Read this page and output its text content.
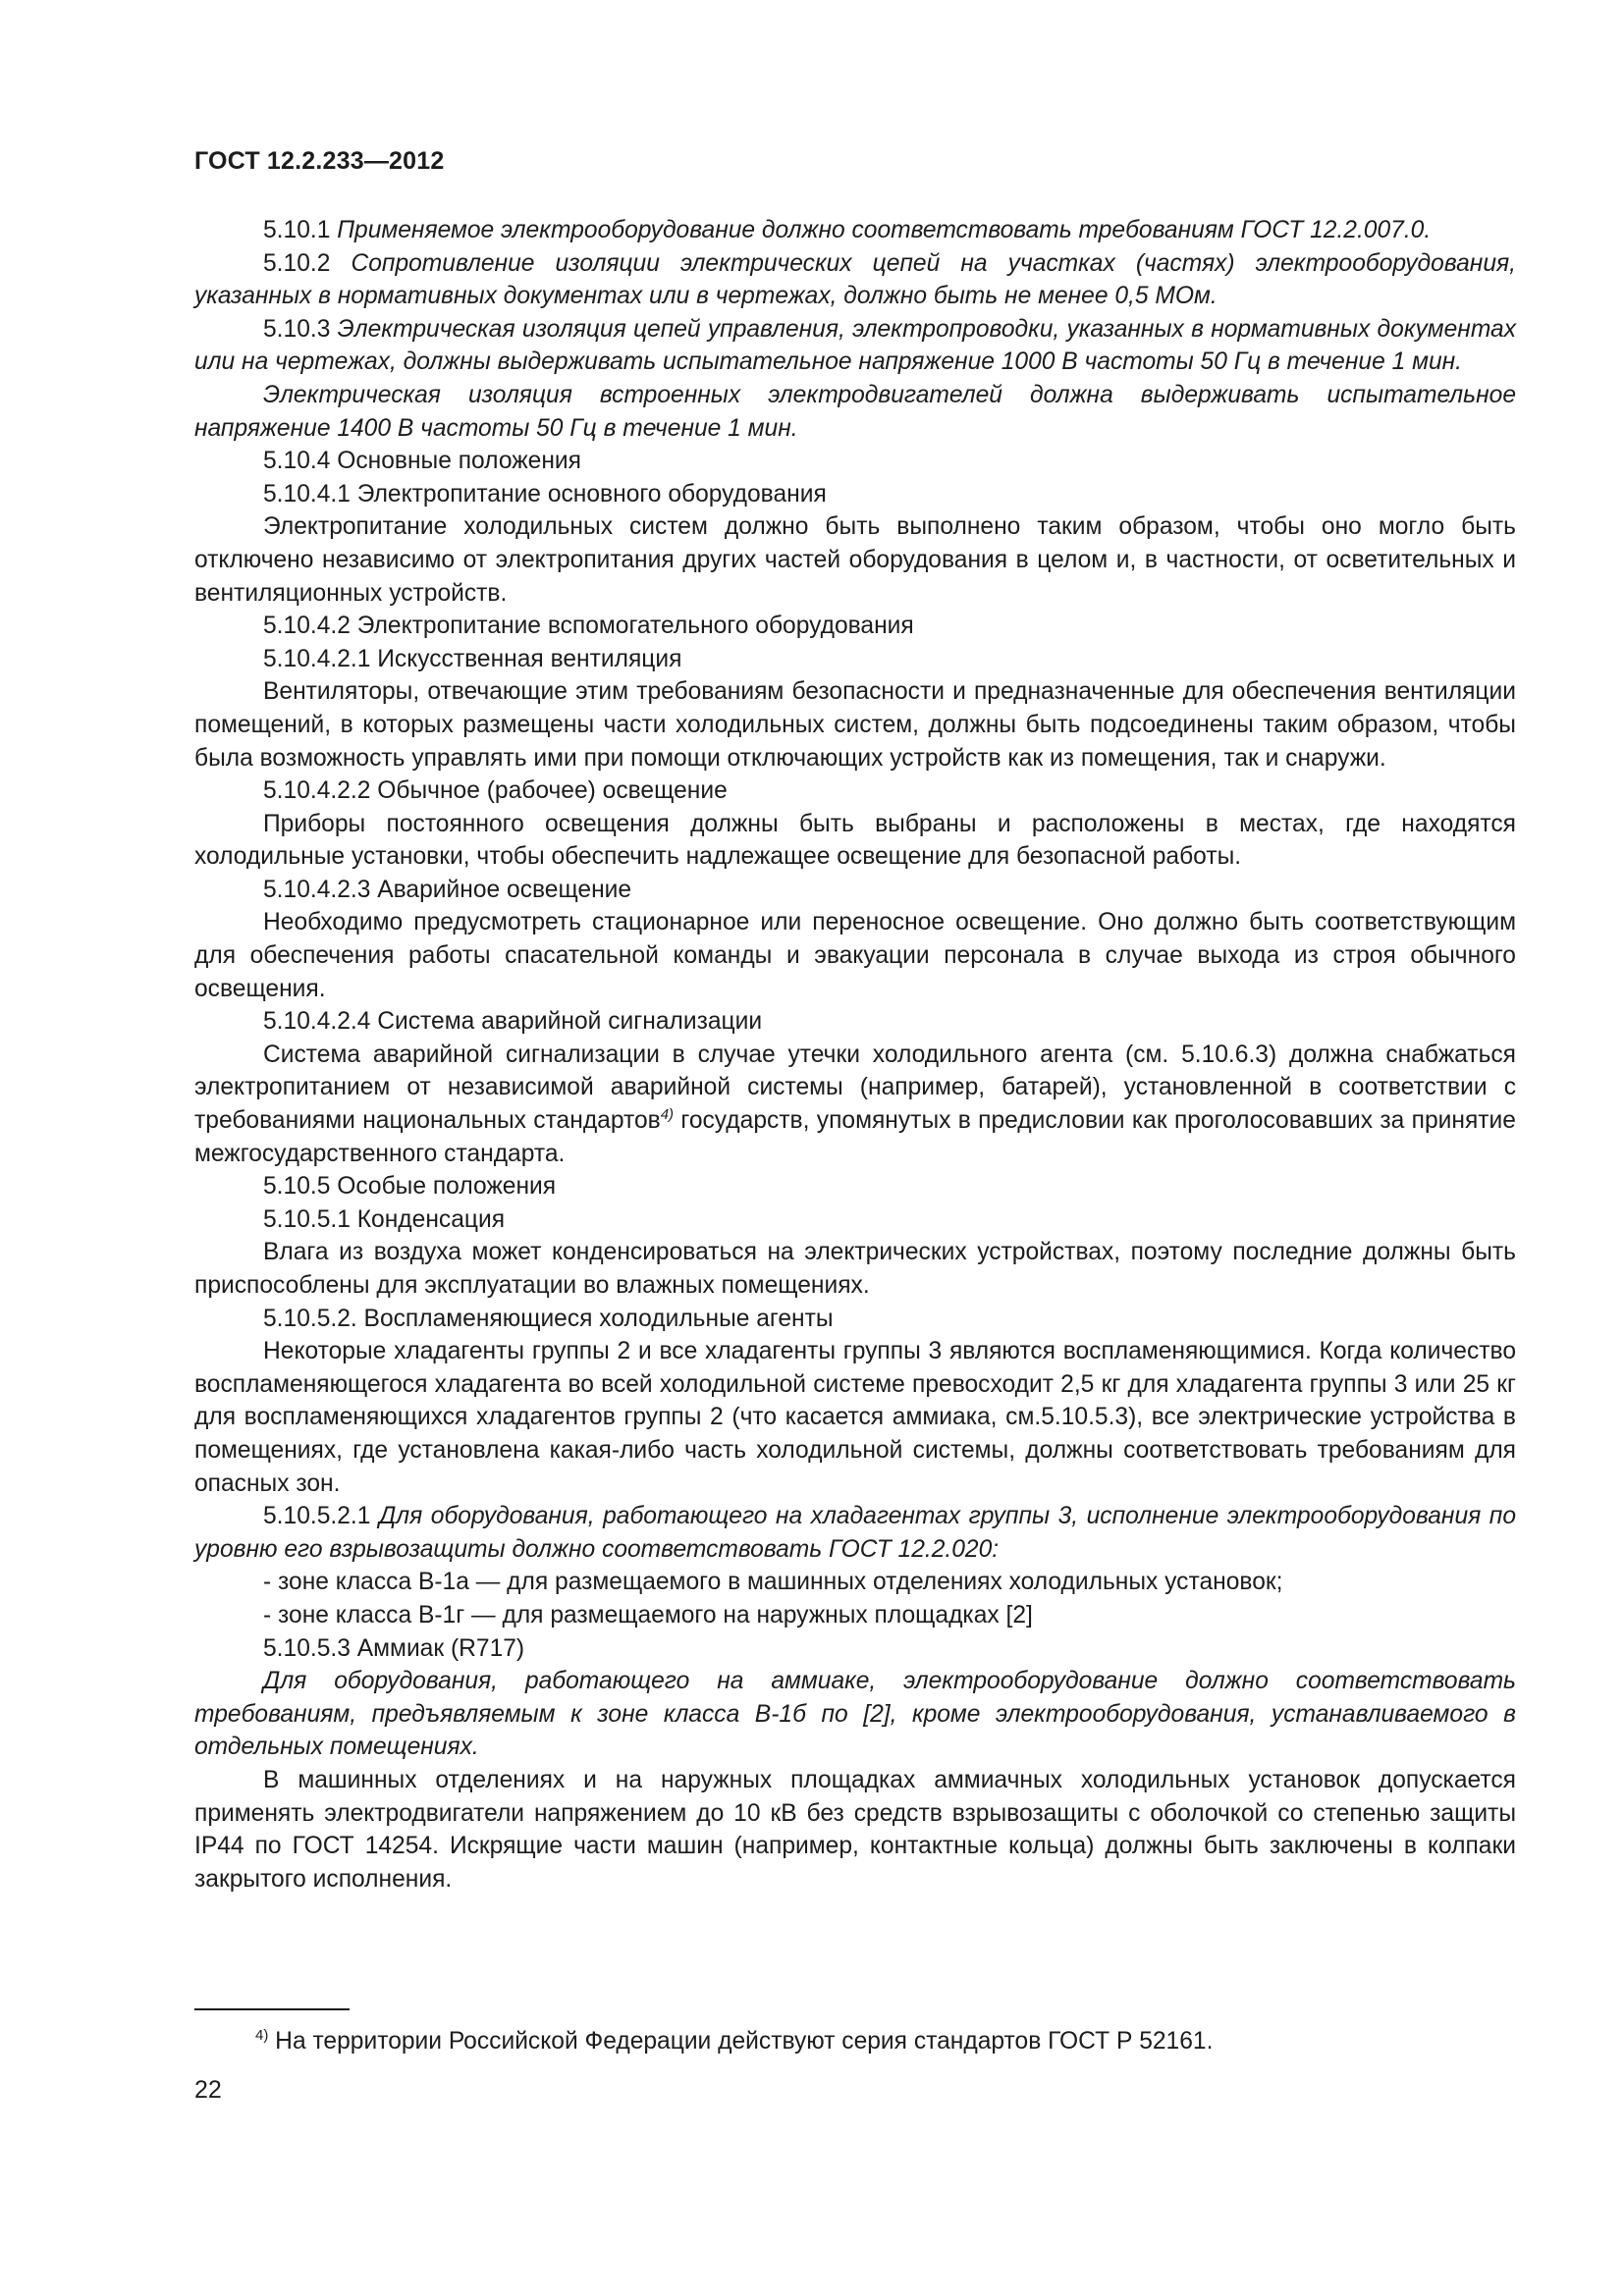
ГОСТ 12.2.233—2012

5.10.1 Применяемое электрооборудование должно соответствовать требованиям ГОСТ 12.2.007.0.

5.10.2 Сопротивление изоляции электрических цепей на участках (частях) электрооборудования, указанных в нормативных документах или в чертежах, должно быть не менее 0,5 МОм.

5.10.3 Электрическая изоляция цепей управления, электропроводки, указанных в нормативных документах или на чертежах, должны выдерживать испытательное напряжение 1000 В частоты 50 Гц в течение 1 мин.

Электрическая изоляция встроенных электродвигателей должна выдерживать испытательное напряжение 1400 В частоты 50 Гц в течение 1 мин.

5.10.4 Основные положения

5.10.4.1 Электропитание основного оборудования

Электропитание холодильных систем должно быть выполнено таким образом, чтобы оно могло быть отключено независимо от электропитания других частей оборудования в целом и, в частности, от осветительных и вентиляционных устройств.

5.10.4.2 Электропитание вспомогательного оборудования

5.10.4.2.1 Искусственная вентиляция

Вентиляторы, отвечающие этим требованиям безопасности и предназначенные для обеспечения вентиляции помещений, в которых размещены части холодильных систем, должны быть подсоединены таким образом, чтобы была возможность управлять ими при помощи отключающих устройств как из помещения, так и снаружи.

5.10.4.2.2 Обычное (рабочее) освещение

Приборы постоянного освещения должны быть выбраны и расположены в местах, где находятся холодильные установки, чтобы обеспечить надлежащее освещение для безопасной работы.

5.10.4.2.3 Аварийное освещение

Необходимо предусмотреть стационарное или переносное освещение. Оно должно быть соответствующим для обеспечения работы спасательной команды и эвакуации персонала в случае выхода из строя обычного освещения.

5.10.4.2.4 Система аварийной сигнализации

Система аварийной сигнализации в случае утечки холодильного агента (см. 5.10.6.3) должна снабжаться электропитанием от независимой аварийной системы (например, батарей), установленной в соответствии с требованиями национальных стандартов$^{4)}$ государств, упомянутых в предисловии как проголосовавших за принятие межгосударственного стандарта.

5.10.5 Особые положения

5.10.5.1 Конденсация

Влага из воздуха может конденсироваться на электрических устройствах, поэтому последние должны быть приспособлены для эксплуатации во влажных помещениях.

5.10.5.2. Воспламеняющиеся холодильные агенты

Некоторые хладагенты группы 2 и все хладагенты группы 3 являются воспламеняющимися. Когда количество воспламеняющегося хладагента во всей холодильной системе превосходит 2,5 кг для хладагента группы 3 или 25 кг для воспламеняющихся хладагентов группы 2 (что касается аммиака, см.5.10.5.3), все электрические устройства в помещениях, где установлена какая-либо часть холодильной системы, должны соответствовать требованиям для опасных зон.

5.10.5.2.1 Для оборудования, работающего на хладагентах группы 3, исполнение электрооборудования по уровню его взрывозащиты должно соответствовать ГОСТ 12.2.020:

- зоне класса В-1а — для размещаемого в машинных отделениях холодильных установок;

- зоне класса В-1г — для размещаемого на наружных площадках [2]

5.10.5.3 Аммиак (R717)

Для оборудования, работающего на аммиаке, электрооборудование должно соответствовать требованиям, предъявляемым к зоне класса В-1б по [2], кроме электрооборудования, устанавливаемого в отдельных помещениях.

В машинных отделениях и на наружных площадках аммиачных холодильных установок допускается применять электродвигатели напряжением до 10 кВ без средств взрывозащиты с оболочкой со степенью защиты IP44 по ГОСТ 14254. Искрящие части машин (например, контактные кольца) должны быть заключены в колпаки закрытого исполнения.

$^{4)}$ На территории Российской Федерации действуют серия стандартов ГОСТ Р 52161.
22
